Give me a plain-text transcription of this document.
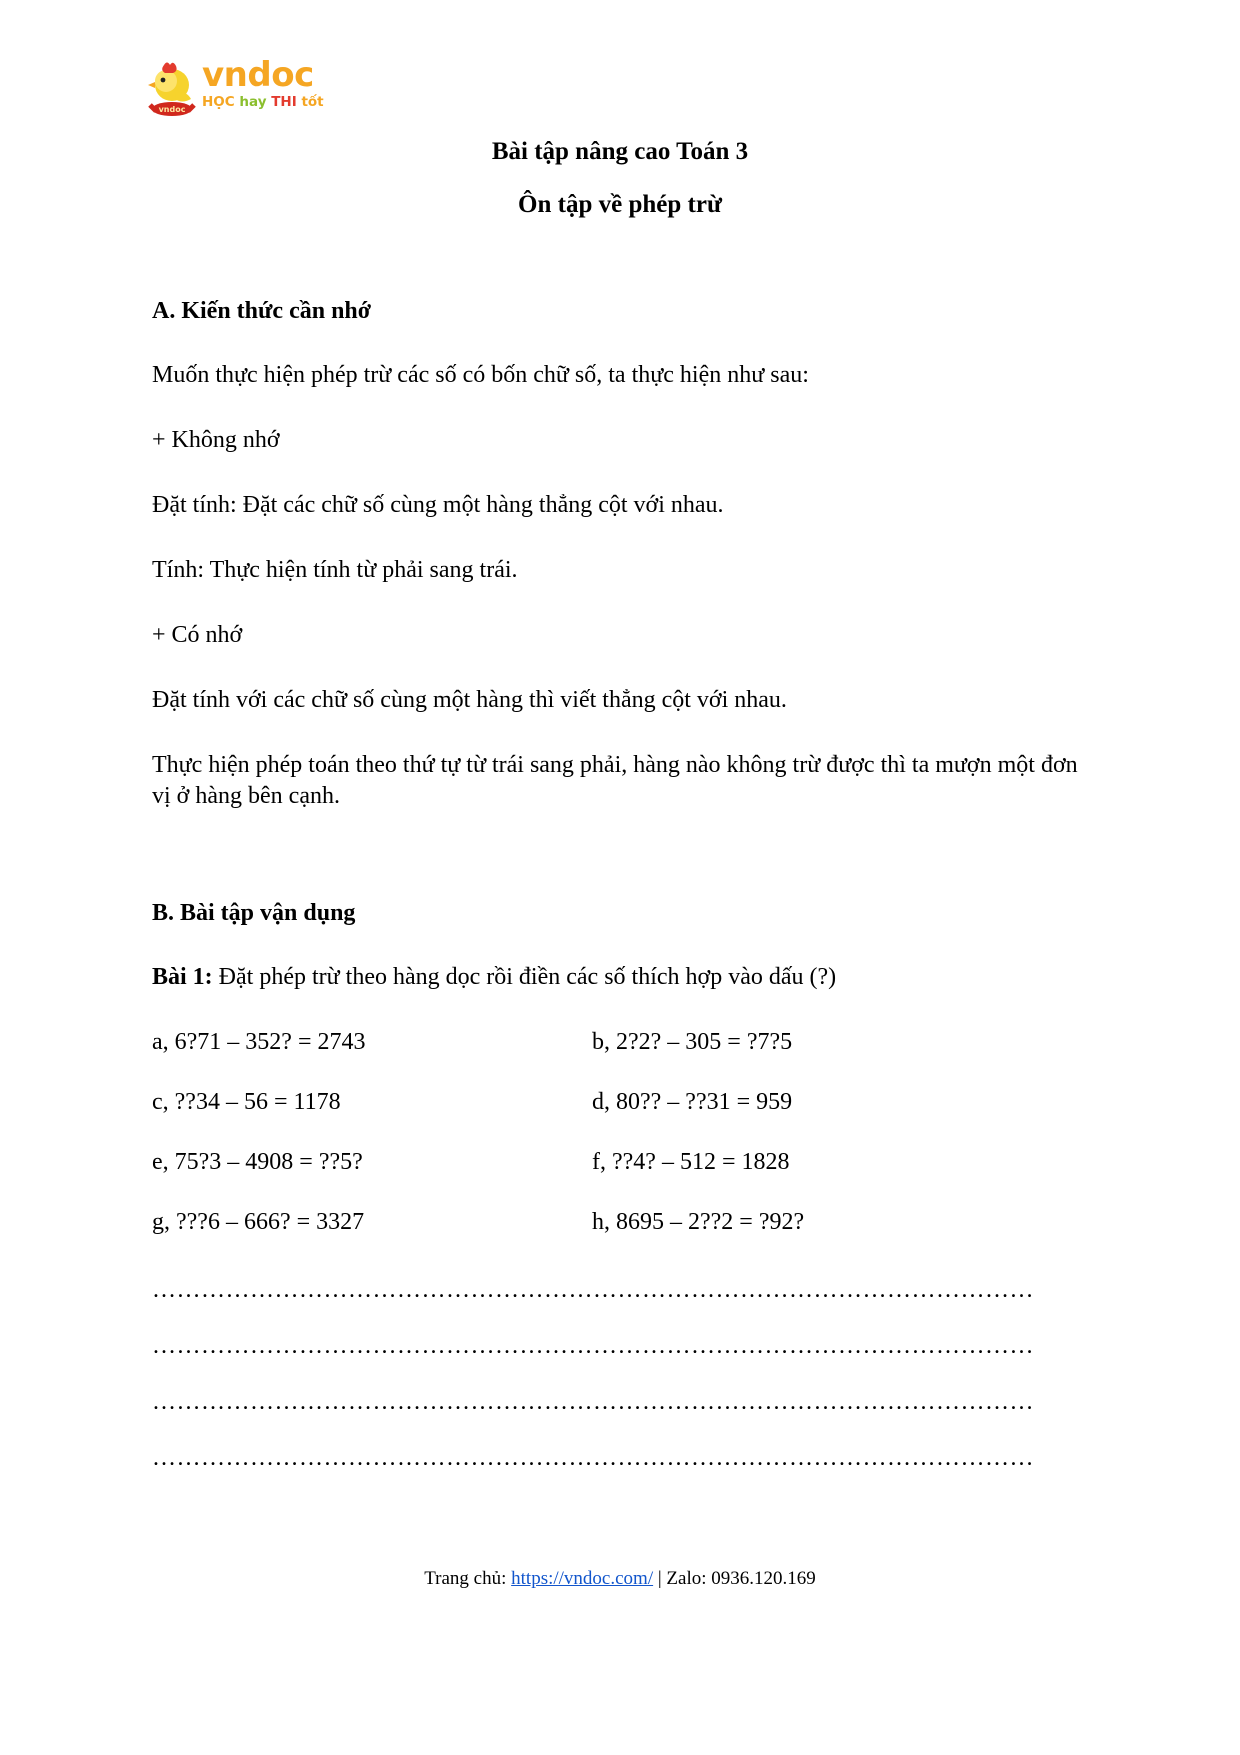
vndoc
vndoc
HỌC hay THI tốt
Bài tập nâng cao Toán 3
Ôn tập về phép trừ
A. Kiến thức cần nhớ

Muốn thực hiện phép trừ các số có bốn chữ số, ta thực hiện như sau:

+ Không nhớ

Đặt tính: Đặt các chữ số cùng một hàng thẳng cột với nhau.

Tính: Thực hiện tính từ phải sang trái.

+ Có nhớ

Đặt tính với các chữ số cùng một hàng thì viết thẳng cột với nhau.

Thực hiện phép toán theo thứ tự từ trái sang phải, hàng nào không trừ được thì ta mượn một đơn vị ở hàng bên cạnh.

B. Bài tập vận dụng

Bài 1: Đặt phép trừ theo hàng dọc rồi điền các số thích hợp vào dấu (?)

a, 6?71 – 352? = 2743	b, 2?2? – 305 = ?7?5
c, ??34 – 56 = 1178	d, 80?? – ??31 = 959
e, 75?3 – 4908 = ??5?	f, ??4? – 512 = 1828
g, ???6 – 666? = 3327	h, 8695 – 2??2 = ?92?
………………………………………………………………………………………………
………………………………………………………………………………………………
………………………………………………………………………………………………
………………………………………………………………………………………………
Trang chủ: https://vndoc.com/ | Zalo: 0936.120.169
